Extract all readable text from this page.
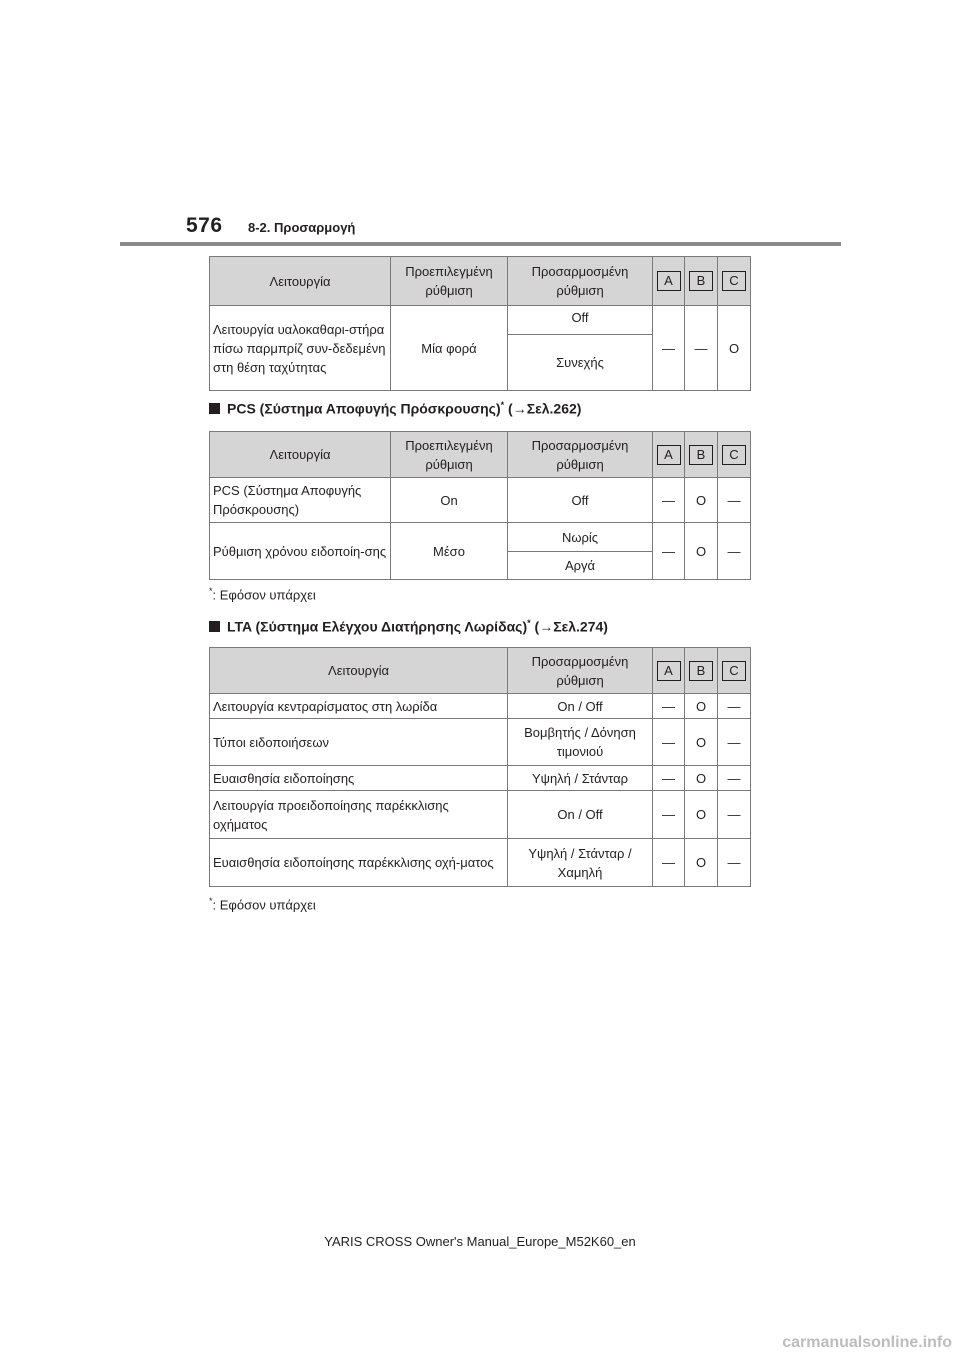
576 8-2. Προσαρμογή
Λειτουργία	Προεπιλεγμένη ρύθμιση	Προσαρμοσμένη ρύθμιση	A	B	C
Λειτουργία υαλοκαθαρι-στήρα πίσω παρμπρίζ συν-δεδεμένη στη θέση ταχύτητας	Μία φορά	Off	—	—	O
		Συνεχής			
PCS (Σύστημα Αποφυγής Πρόσκρουσης)* (→Σελ.262)
Λειτουργία	Προεπιλεγμένη ρύθμιση	Προσαρμοσμένη ρύθμιση	A	B	C
PCS (Σύστημα Αποφυγής Πρόσκρουσης)	On	Off	—	O	—
Ρύθμιση χρόνου ειδοποίη-σης	Μέσο	Νωρίς	—	O	—
		Αργά			
*: Εφόσον υπάρχει
LTA (Σύστημα Ελέγχου Διατήρησης Λωρίδας)* (→Σελ.274)
Λειτουργία	Προσαρμοσμένη ρύθμιση	A	B	C
Λειτουργία κεντραρίσματος στη λωρίδα	On / Off	—	O	—
Τύποι ειδοποιήσεων	Βομβητής / Δόνηση τιμονιού	—	O	—
Ευαισθησία ειδοποίησης	Υψηλή / Στάνταρ	—	O	—
Λειτουργία προειδοποίησης παρέκκλισης οχήματος	On / Off	—	O	—
Ευαισθησία ειδοποίησης παρέκκλισης οχή-ματος	Υψηλή / Στάνταρ / Χαμηλή	—	O	—
*: Εφόσον υπάρχει
YARIS CROSS Owner's Manual_Europe_M52K60_en
carmanualsonline.info
